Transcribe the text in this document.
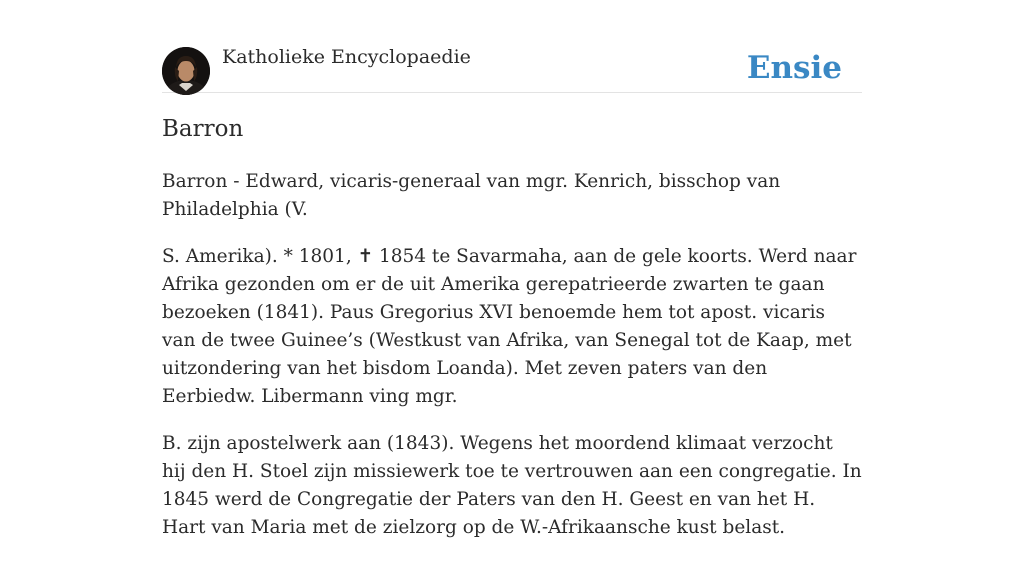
Katholieke Encyclopaedie	Ensie
Barron

Barron - Edward, vicaris-generaal van mgr. Kenrich, bisschop van Philadelphia (V.

S. Amerika). * 1801, ✝ 1854 te Savarmaha, aan de gele koorts. Werd naar Afrika gezonden om er de uit Amerika gerepatrieerde zwarten te gaan bezoeken (1841). Paus Gregorius XVI benoemde hem tot apost. vicaris van de twee Guinee’s (Westkust van Afrika, van Senegal tot de Kaap, met uitzondering van het bisdom Loanda). Met zeven paters van den Eerbiedw. Libermann ving mgr.

B. zijn apostelwerk aan (1843). Wegens het moordend klimaat verzocht hij den H. Stoel zijn missiewerk toe te vertrouwen aan een congregatie. In 1845 werd de Congregatie der Paters van den H. Geest en van het H. Hart van Maria met de zielzorg op de W.-Afrikaansche kust belast.
